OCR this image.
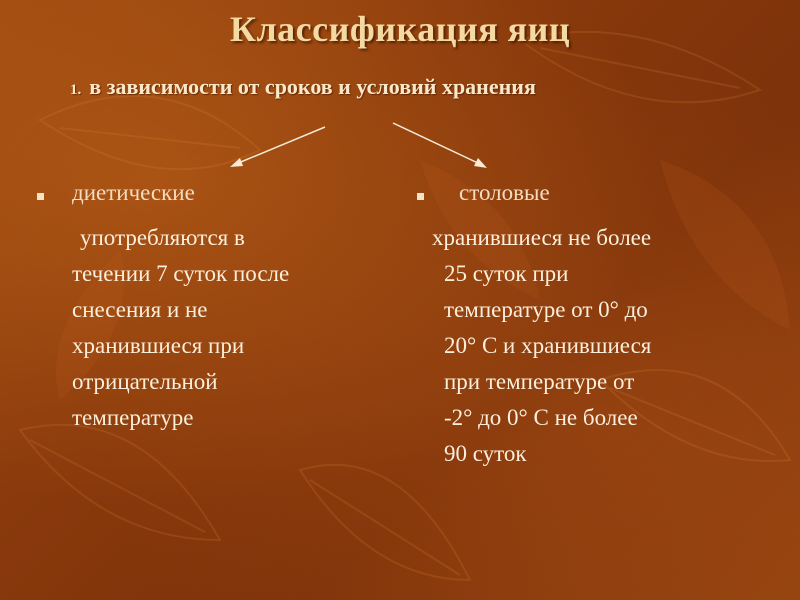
Классификация яиц
1. в зависимости от сроков и условий хранения
диетические
употребляются в
течении 7 суток после
снесения и не
хранившиеся при
отрицательной
температуре
столовые
хранившиеся не более
25 суток при
температуре от 0° до
20° С и хранившиеся
при температуре от
-2° до 0° С не более
90 суток
